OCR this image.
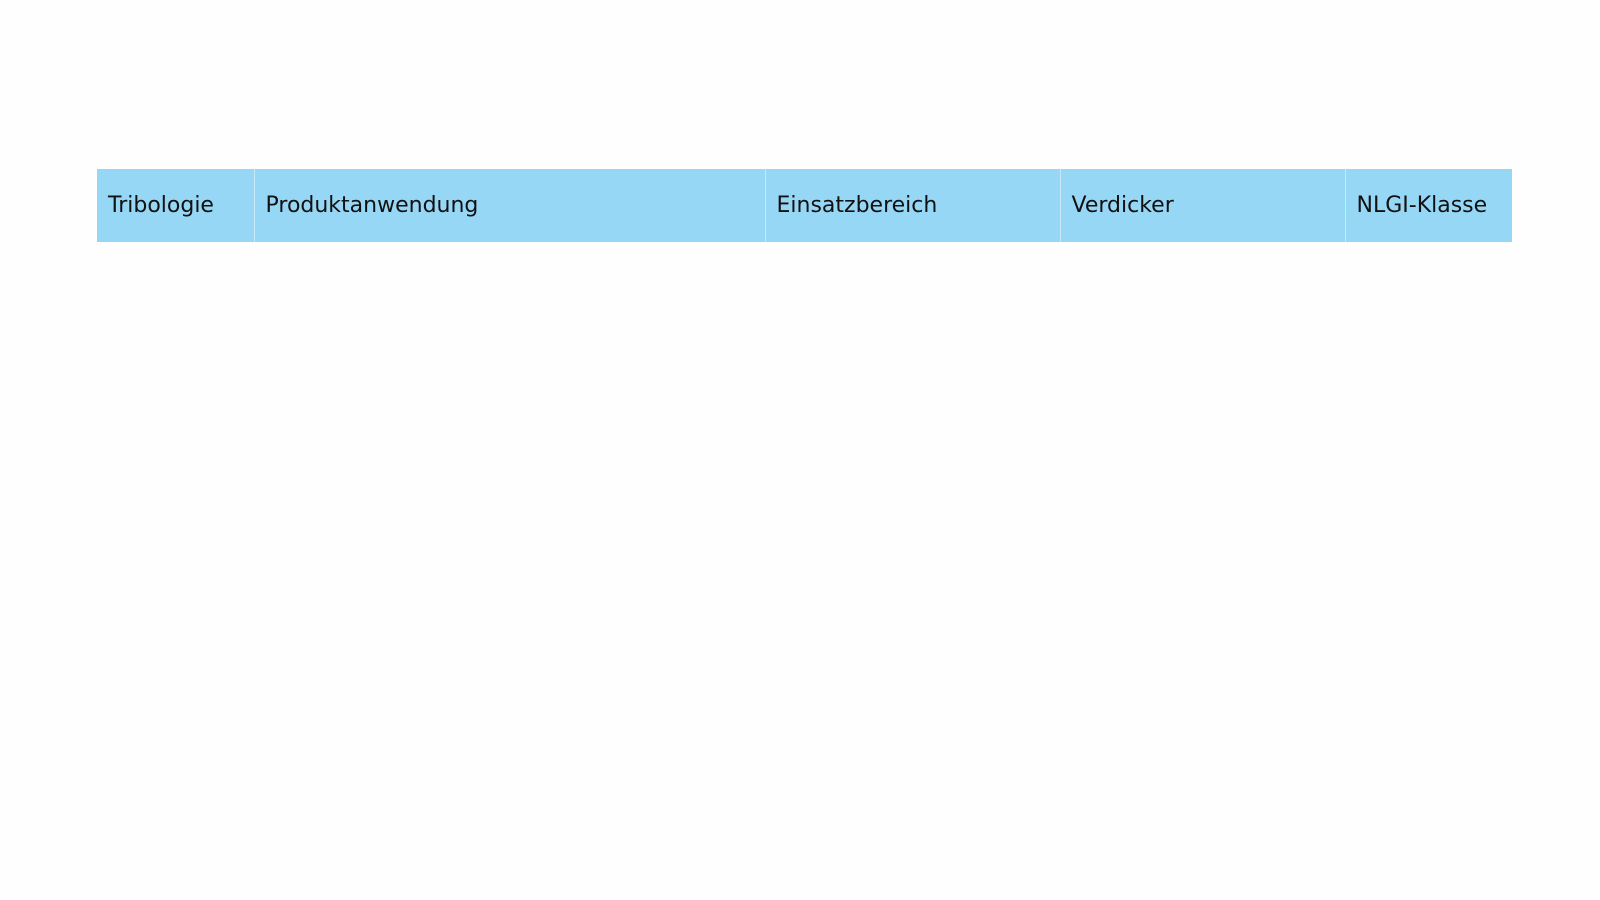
Tribologie	Produktanwendung	Einsatzbereich	Verdicker	NLGI-Klasse
